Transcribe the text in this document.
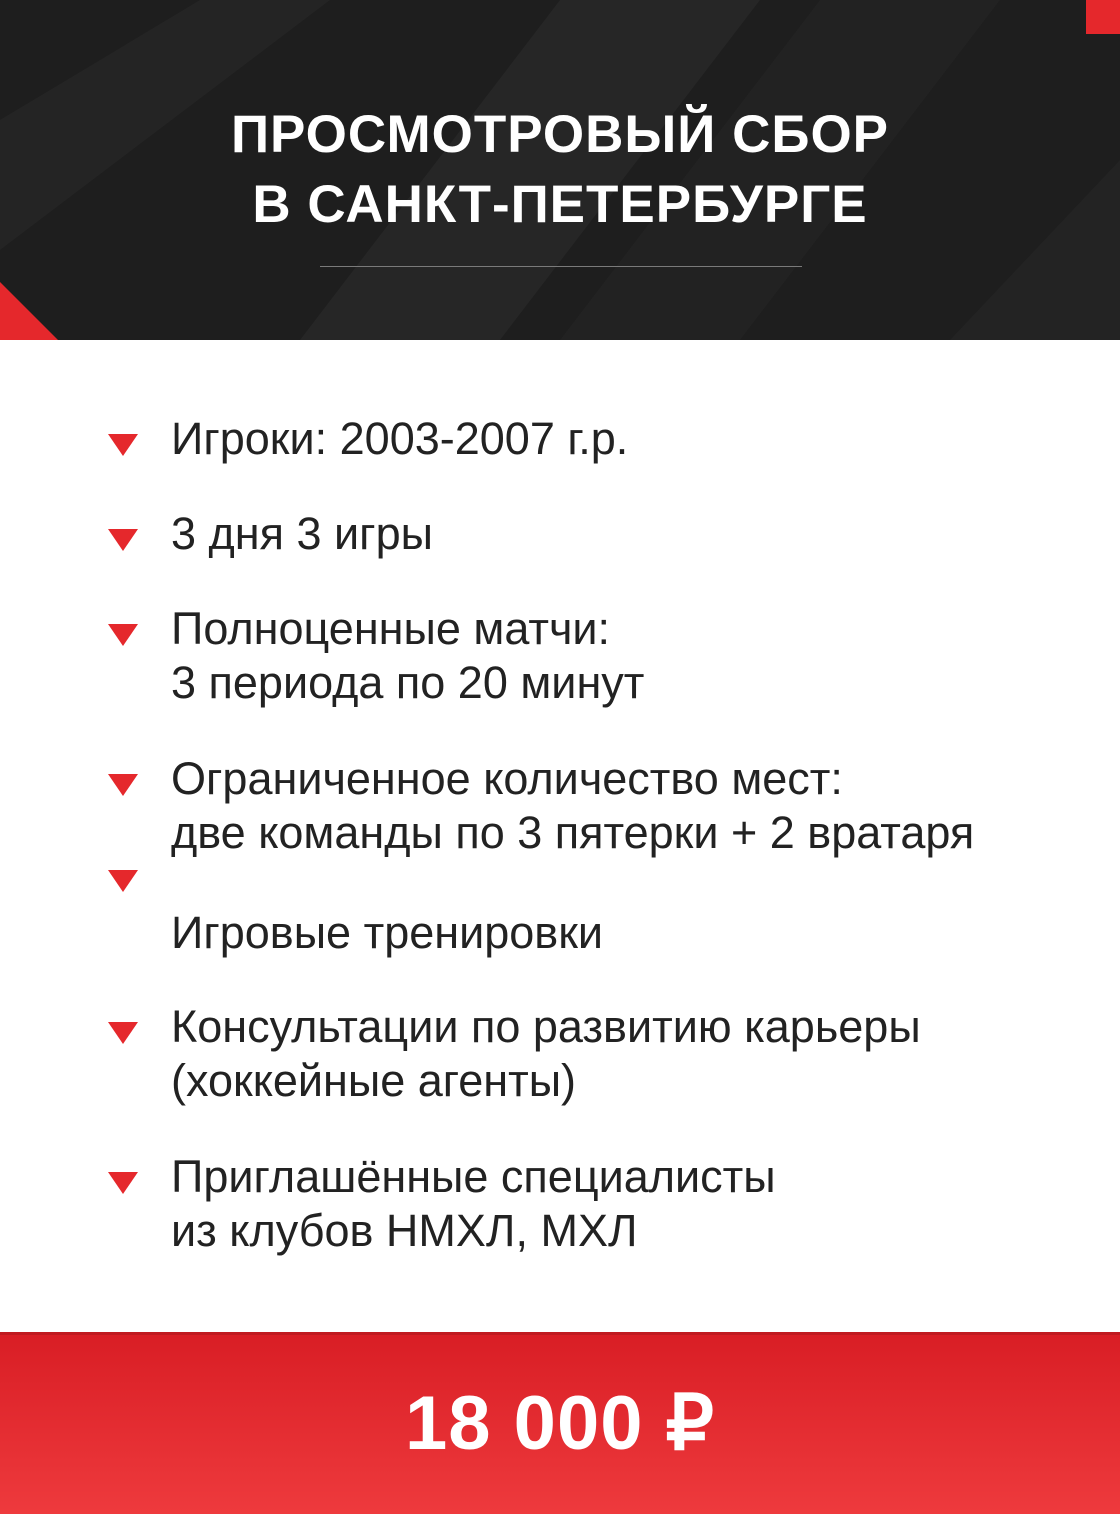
ПРОСМОТРОВЫЙ СБОР
В САНКТ-ПЕТЕРБУРГЕ
Игроки: 2003-2007 г.р.
3 дня 3 игры
Полноценные матчи:
3 периода по 20 минут
Ограниченное количество мест:
две команды по 3 пятерки + 2 вратаря

Игровые тренировки
Консультации по развитию карьеры
(хоккейные агенты)
Приглашённые специалисты
из клубов НМХЛ, МХЛ
18 000 ₽
